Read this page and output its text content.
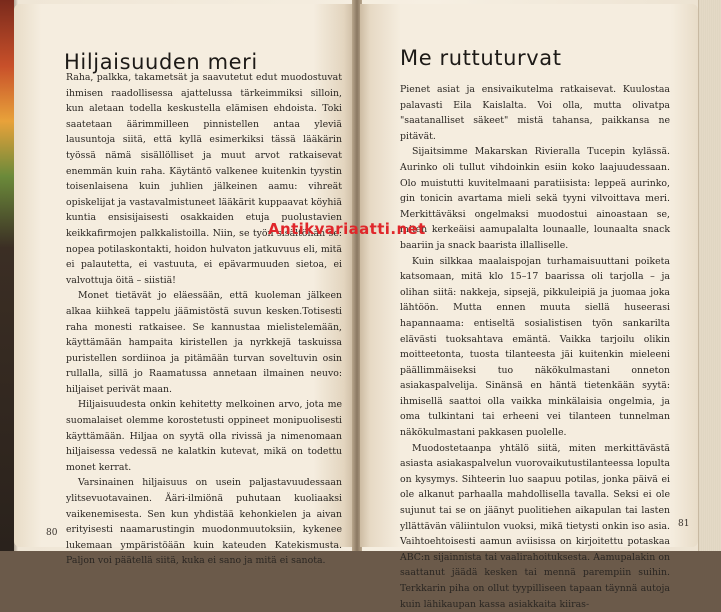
Hiljaisuuden meri

Raha, palkka, takametsät ja saavutetut edut muodostuvat ihmisen raadollisessa ajattelussa tärkeimmiksi silloin, kun aletaan todella keskustella elämisen ehdoista. Toki saatetaan äärimmilleen pinnistellen antaa yleviä lausuntoja siitä, että kyllä esimerkiksi tässä lääkärin työssä nämä sisällölliset ja muut arvot ratkaisevat enemmän kuin raha. Käytäntö valkenee kuitenkin tyystin toisenlaisena kuin juhlien jälkeinen aamu: vihreät opiskelijat ja vastavalmistuneet lääkärit kuppaavat köyhiä kuntia ensisijaisesti osakkaiden etuja puolustavien keikkafirmojen palkkalistoilla. Niin, se työn sisältöhän se: nopea potilaskontakti, hoidon hulvaton jatkuvuus eli, mitä ei palautetta, ei vastuuta, ei epävarmuuden sietoa, ei valvottuja öitä – siistiä!

Monet tietävät jo eläessään, että kuoleman jälkeen alkaa kiihkeä tappelu jäämistöstä suvun kesken.Totisesti raha monesti ratkaisee. Se kannustaa mielistelemään, käyttämään hampaita kiristellen ja nyrkkejä taskuissa puristellen sordiinoa ja pitämään turvan soveltuvin osin rullalla, sillä jo Raamatussa annetaan ilmainen neuvo: hiljaiset perivät maan.

Hiljaisuudesta onkin kehitetty melkoinen arvo, jota me suomalaiset olemme korostetusti oppineet monipuolisesti käyttämään. Hiljaa on syytä olla rivissä ja nimenomaan hiljaisessa vedessä ne kalatkin kutevat, mikä on todettu monet kerrat.

Varsinainen hiljaisuus on usein paljastavuudessaan ylitsevuotavainen. Ääri-ilmiönä puhutaan kuoliaaksi vaikenemisesta. Sen kun yhdistää kehonkielen ja aivan erityisesti naamarustingin muodonmuutoksiin, kykenee lukemaan ympäristöään kuin kateuden Katekismusta. Paljon voi päätellä siitä, kuka ei sano ja mitä ei sanota.

80
Me ruttuturvat

Pienet asiat ja ensivaikutelma ratkaisevat. Kuulostaa palavasti Eila Kaislalta. Voi olla, mutta olivatpa "saatanalliset säkeet" mistä tahansa, paikkansa ne pitävät.

Sijaitsimme Makarskan Rivieralla Tucepin kylässä. Aurinko oli tullut vihdoinkin esiin koko laajuudessaan. Olo muistutti kuvitelmaani paratiisista: leppeä aurinko, gin tonicin avartama mieli sekä tyyni vilvoittava meri. Merkittäväksi ongelmaksi muodostui ainoastaan se, miten kerkeäisi aamupalalta lounaalle, lounaalta snack baariin ja snack baarista illalliselle.

Kuin silkkaa maalaispojan turhamaisuuttani poiketa katsomaan, mitä klo 15–17 baarissa oli tarjolla – ja olihan siitä: nakkeja, sipsejä, pikkuleipiä ja juomaa joka lähtöön. Mutta ennen muuta siellä huseerasi hapannaama: entiseltä sosialistisen työn sankarilta elävästi tuoksahtava emäntä. Vaikka tarjoilu olikin moitteetonta, tuosta tilanteesta jäi kuitenkin mieleeni päällimmäiseksi tuo näkökulmastani onneton asiakaspalvelija. Sinänsä en häntä tietenkään syytä: ihmisellä saattoi olla vaikka minkälaisia ongelmia, ja oma tulkintani tai erheeni vei tilanteen tunnelman näkökulmastani pakkasen puolelle.

Muodostetaanpa yhtälö siitä, miten merkittävästä asiasta asiakaspalvelun vuorovaikutustilanteessa lopulta on kysymys. Sihteerin luo saapuu potilas, jonka päivä ei ole alkanut parhaalla mahdollisella tavalla. Seksi ei ole sujunut tai se on jäänyt puolitiehen aikapulan tai lasten yllättävän väliintulon vuoksi, mikä tietysti onkin iso asia. Vaihtoehtoisesti aamun aviisissa on kirjoitettu potaskaa ABC:n sijainnista tai vaalirahoituksesta. Aamupalakin on saattanut jäädä kesken tai mennä parempiin suihin. Terkkarin piha on ollut tyypilliseen tapaan täynnä autoja kuin lähikaupan kassa asiakkaita kiiras-

81
Antikvariaatti.net
